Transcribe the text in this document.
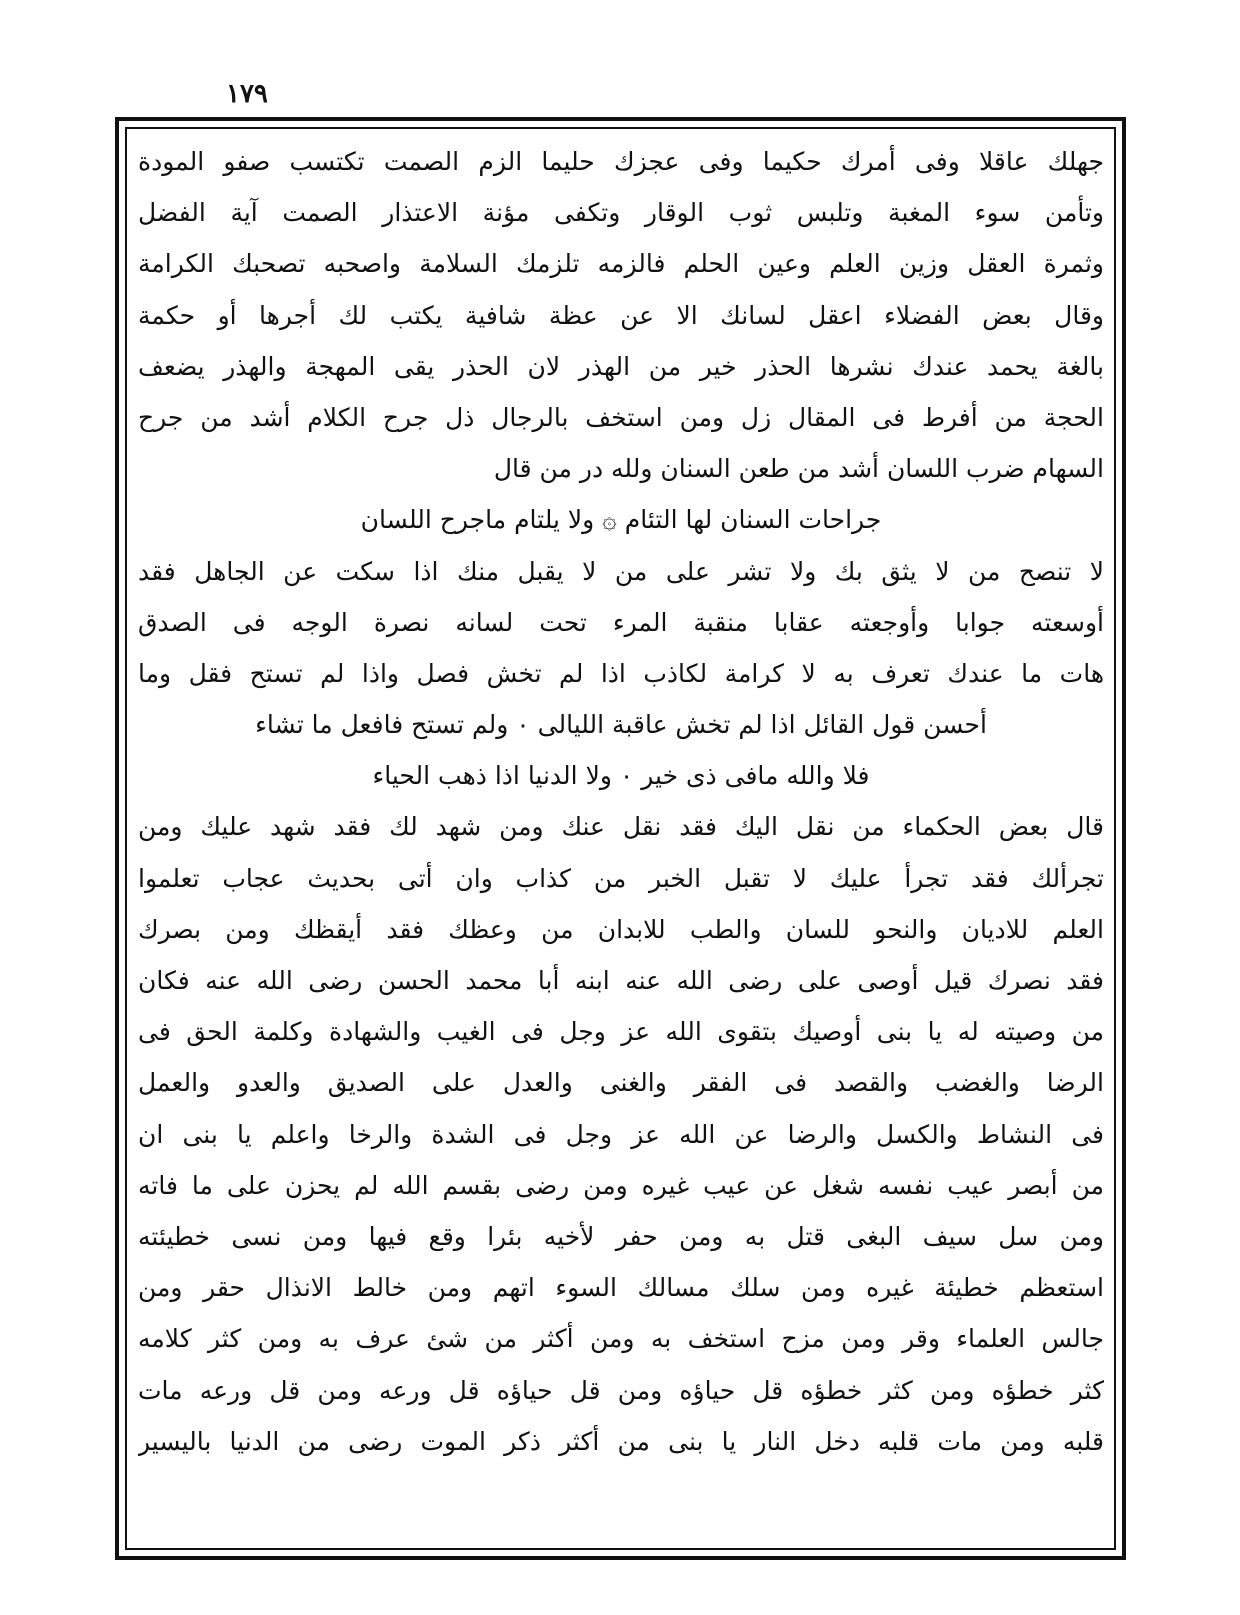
۱۷۹
جهلك عاقلا وفى أمرك حكيما وفى عجزك حليما الزم الصمت تكتسب صفو المودة
وتأمن سوء المغبة وتلبس ثوب الوقار وتكفى مؤنة الاعتذار الصمت آية الفضل
وثمرة العقل وزين العلم وعين الحلم فالزمه تلزمك السلامة واصحبه تصحبك الكرامة
وقال بعض الفضلاء اعقل لسانك الا عن عظة شافية يكتب لك أجرها أو حكمة
بالغة يحمد عندك نشرها الحذر خير من الهذر لان الحذر يقى المهجة والهذر يضعف
الحجة من أفرط فى المقال زل ومن استخف بالرجال ذل جرح الكلام أشد من جرح
السهام ضرب اللسان أشد من طعن السنان ولله در من قال
جراحات السنان لها التئام ۞ ولا يلتام ماجرح اللسان
لا تنصح من لا يثق بك ولا تشر على من لا يقبل منك اذا سكت عن الجاهل فقد
أوسعته جوابا وأوجعته عقابا منقبة المرء تحت لسانه نصرة الوجه فى الصدق
هات ما عندك تعرف به لا كرامة لكاذب اذا لم تخش فصل واذا لم تستح فقل وما
أحسن قول القائل اذا لم تخش عاقبة الليالى ۰ ولم تستح فافعل ما تشاء
فلا والله مافى ذى خير ۰ ولا الدنيا اذا ذهب الحياء
قال بعض الحكماء من نقل اليك فقد نقل عنك ومن شهد لك فقد شهد عليك ومن
تجرألك فقد تجرأ عليك لا تقبل الخبر من كذاب وان أتى بحديث عجاب تعلموا
العلم للاديان والنحو للسان والطب للابدان من وعظك فقد أيقظك ومن بصرك
فقد نصرك قيل أوصى على رضى الله عنه ابنه أبا محمد الحسن رضى الله عنه فكان
من وصيته له يا بنى أوصيك بتقوى الله عز وجل فى الغيب والشهادة وكلمة الحق فى
الرضا والغضب والقصد فى الفقر والغنى والعدل على الصديق والعدو والعمل
فى النشاط والكسل والرضا عن الله عز وجل فى الشدة والرخا واعلم يا بنى ان
من أبصر عيب نفسه شغل عن عيب غيره ومن رضى بقسم الله لم يحزن على ما فاته
ومن سل سيف البغى قتل به ومن حفر لأخيه بئرا وقع فيها ومن نسى خطيئته
استعظم خطيئة غيره ومن سلك مسالك السوء اتهم ومن خالط الانذال حقر ومن
جالس العلماء وقر ومن مزح استخف به ومن أكثر من شئ عرف به ومن كثر كلامه
كثر خطؤه ومن كثر خطؤه قل حياؤه ومن قل حياؤه قل ورعه ومن قل ورعه مات
قلبه ومن مات قلبه دخل النار يا بنى من أكثر ذكر الموت رضى من الدنيا باليسير
